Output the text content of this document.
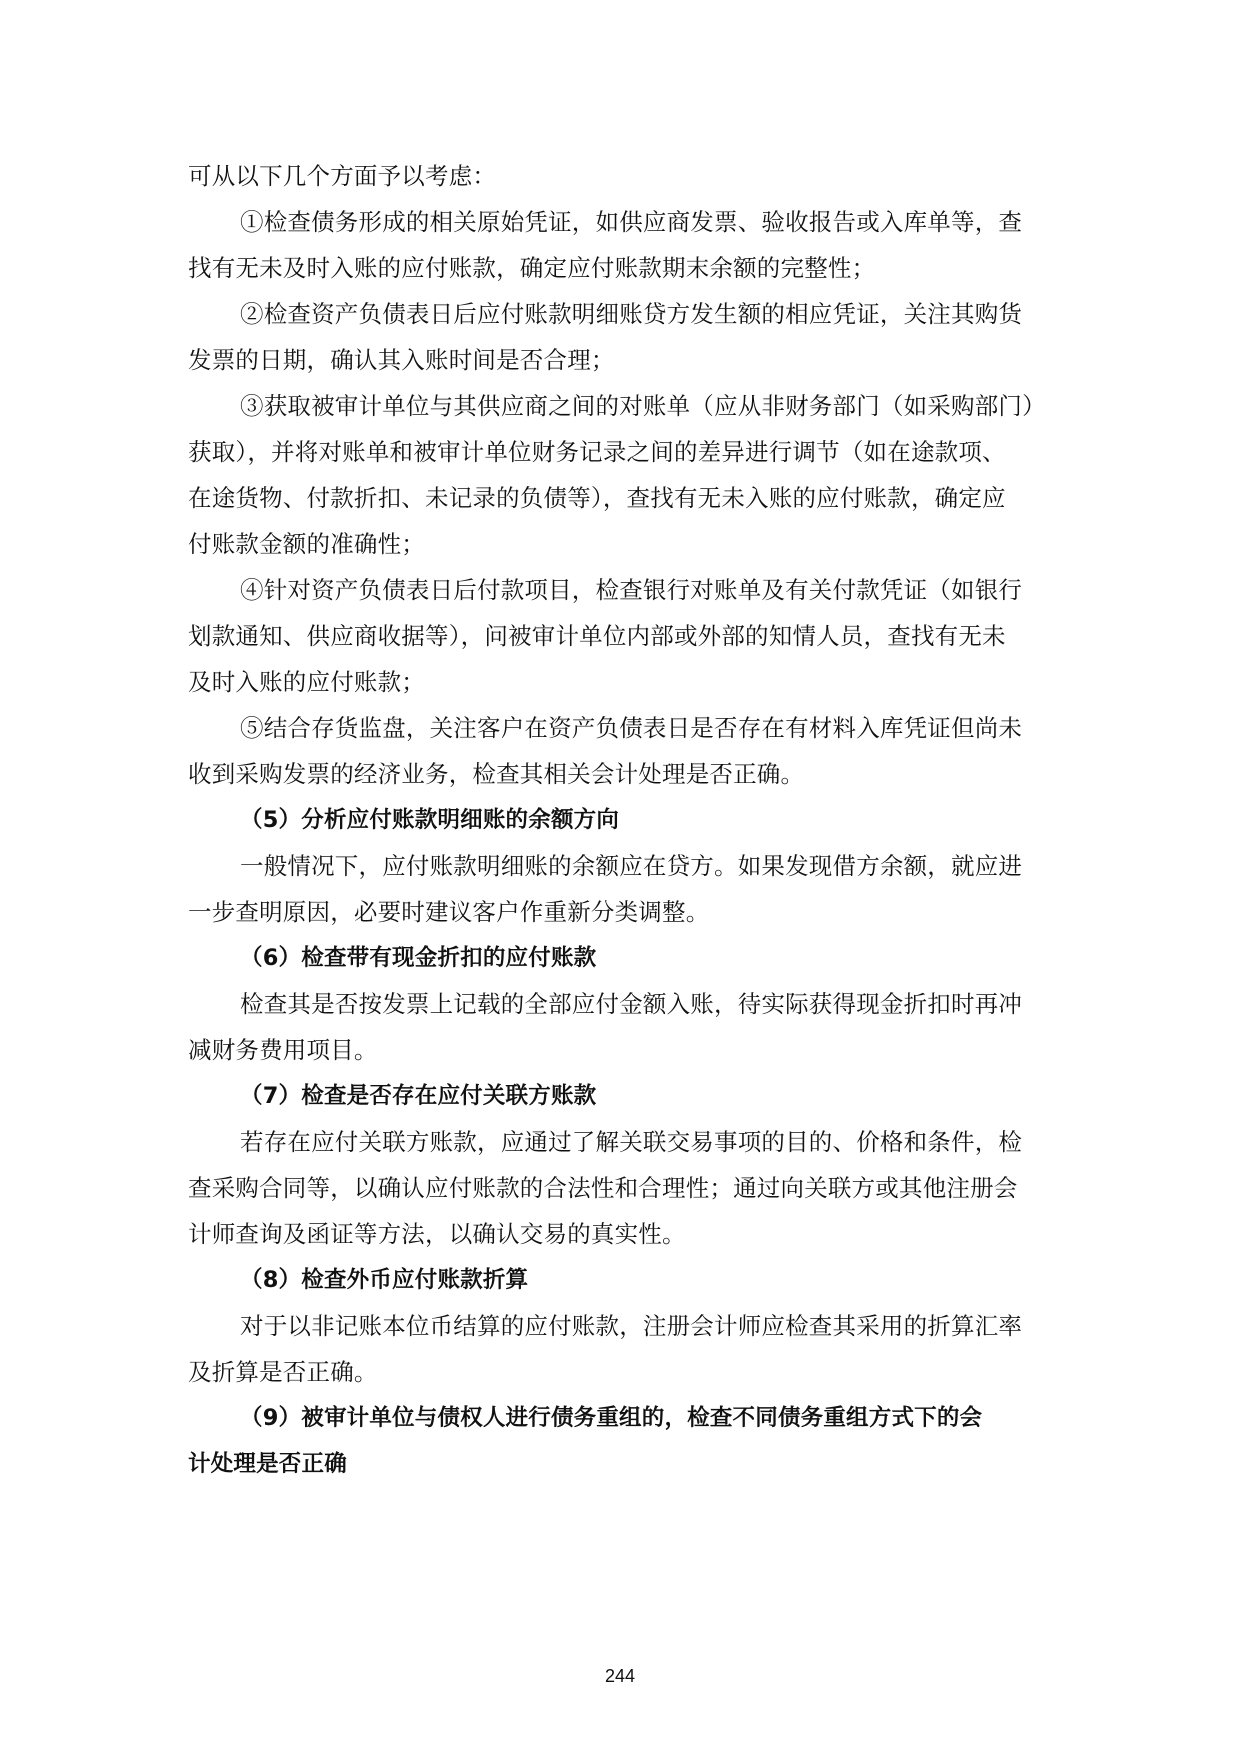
可从以下几个方面予以考虑：
①检查债务形成的相关原始凭证，如供应商发票、验收报告或入库单等，查
找有无未及时入账的应付账款，确定应付账款期末余额的完整性；
②检查资产负债表日后应付账款明细账贷方发生额的相应凭证，关注其购货
发票的日期，确认其入账时间是否合理；
③获取被审计单位与其供应商之间的对账单（应从非财务部门（如采购部门）
获取），并将对账单和被审计单位财务记录之间的差异进行调节（如在途款项、
在途货物、付款折扣、未记录的负债等），查找有无未入账的应付账款，确定应
付账款金额的准确性；
④针对资产负债表日后付款项目，检查银行对账单及有关付款凭证（如银行
划款通知、供应商收据等），问被审计单位内部或外部的知情人员，查找有无未
及时入账的应付账款；
⑤结合存货监盘，关注客户在资产负债表日是否存在有材料入库凭证但尚未
收到采购发票的经济业务，检查其相关会计处理是否正确。
（5）分析应付账款明细账的余额方向
一般情况下，应付账款明细账的余额应在贷方。如果发现借方余额，就应进
一步查明原因，必要时建议客户作重新分类调整。
（6）检查带有现金折扣的应付账款
检查其是否按发票上记载的全部应付金额入账，待实际获得现金折扣时再冲
减财务费用项目。
（7）检查是否存在应付关联方账款
若存在应付关联方账款，应通过了解关联交易事项的目的、价格和条件，检
查采购合同等，以确认应付账款的合法性和合理性；通过向关联方或其他注册会
计师查询及函证等方法，以确认交易的真实性。
（8）检查外币应付账款折算
对于以非记账本位币结算的应付账款，注册会计师应检查其采用的折算汇率
及折算是否正确。
（9）被审计单位与债权人进行债务重组的，检查不同债务重组方式下的会
计处理是否正确
244
